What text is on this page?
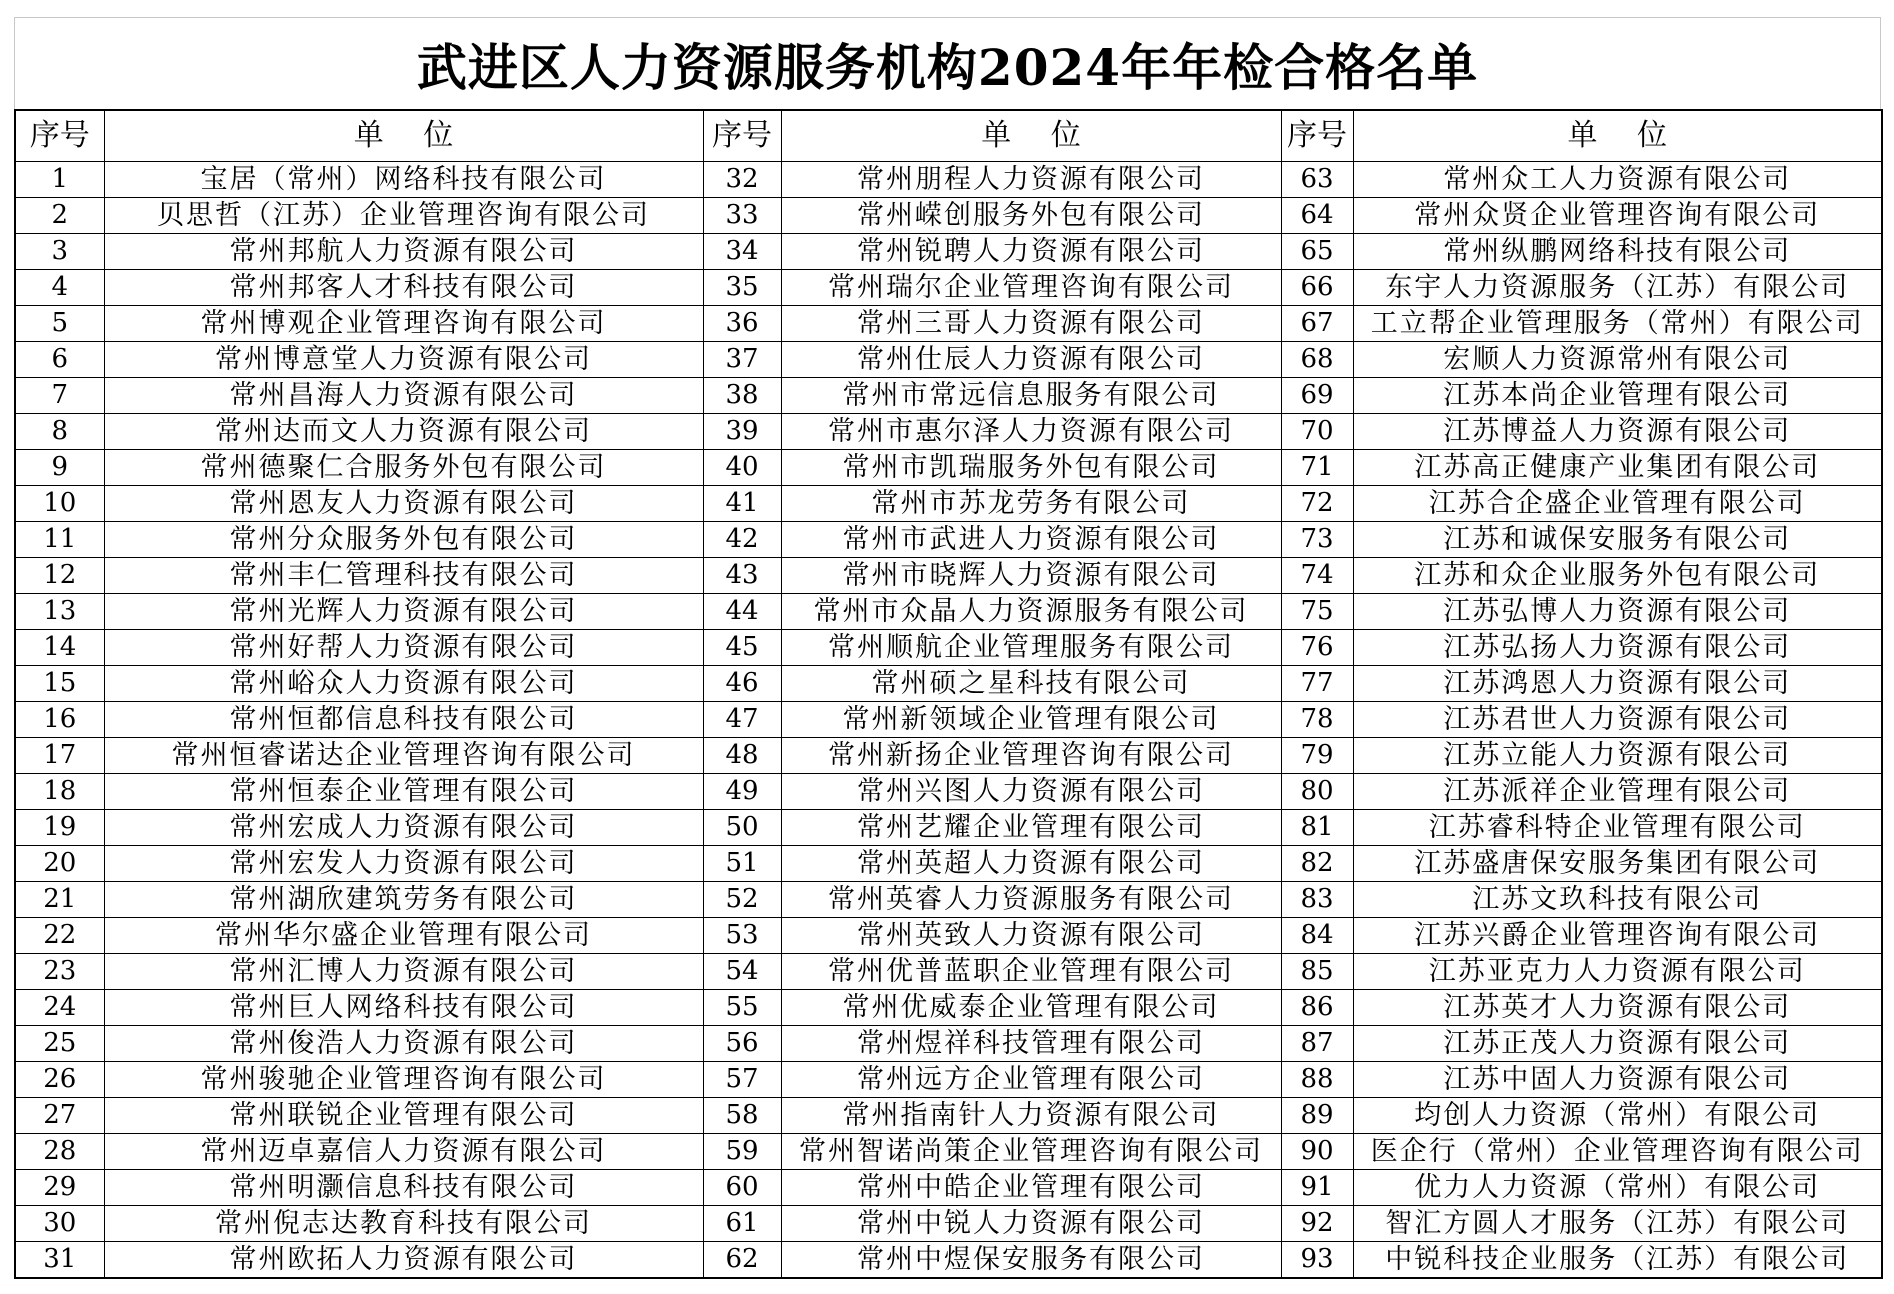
武进区人力资源服务机构2024年年检合格名单
序号	单 位	序号	单 位	序号	单 位
1	宝居（常州）网络科技有限公司	32	常州朋程人力资源有限公司	63	常州众工人力资源有限公司
2	贝思哲（江苏）企业管理咨询有限公司	33	常州嵘创服务外包有限公司	64	常州众贤企业管理咨询有限公司
3	常州邦航人力资源有限公司	34	常州锐聘人力资源有限公司	65	常州纵鹏网络科技有限公司
4	常州邦客人才科技有限公司	35	常州瑞尔企业管理咨询有限公司	66	东宇人力资源服务（江苏）有限公司
5	常州博观企业管理咨询有限公司	36	常州三哥人力资源有限公司	67	工立帮企业管理服务（常州）有限公司
6	常州博意堂人力资源有限公司	37	常州仕辰人力资源有限公司	68	宏顺人力资源常州有限公司
7	常州昌海人力资源有限公司	38	常州市常远信息服务有限公司	69	江苏本尚企业管理有限公司
8	常州达而文人力资源有限公司	39	常州市惠尔泽人力资源有限公司	70	江苏博益人力资源有限公司
9	常州德聚仁合服务外包有限公司	40	常州市凯瑞服务外包有限公司	71	江苏高正健康产业集团有限公司
10	常州恩友人力资源有限公司	41	常州市苏龙劳务有限公司	72	江苏合企盛企业管理有限公司
11	常州分众服务外包有限公司	42	常州市武进人力资源有限公司	73	江苏和诚保安服务有限公司
12	常州丰仁管理科技有限公司	43	常州市晓辉人力资源有限公司	74	江苏和众企业服务外包有限公司
13	常州光辉人力资源有限公司	44	常州市众晶人力资源服务有限公司	75	江苏弘博人力资源有限公司
14	常州好帮人力资源有限公司	45	常州顺航企业管理服务有限公司	76	江苏弘扬人力资源有限公司
15	常州峪众人力资源有限公司	46	常州硕之星科技有限公司	77	江苏鸿恩人力资源有限公司
16	常州恒都信息科技有限公司	47	常州新领域企业管理有限公司	78	江苏君世人力资源有限公司
17	常州恒睿诺达企业管理咨询有限公司	48	常州新扬企业管理咨询有限公司	79	江苏立能人力资源有限公司
18	常州恒泰企业管理有限公司	49	常州兴图人力资源有限公司	80	江苏派祥企业管理有限公司
19	常州宏成人力资源有限公司	50	常州艺耀企业管理有限公司	81	江苏睿科特企业管理有限公司
20	常州宏发人力资源有限公司	51	常州英超人力资源有限公司	82	江苏盛唐保安服务集团有限公司
21	常州湖欣建筑劳务有限公司	52	常州英睿人力资源服务有限公司	83	江苏文玖科技有限公司
22	常州华尔盛企业管理有限公司	53	常州英致人力资源有限公司	84	江苏兴爵企业管理咨询有限公司
23	常州汇博人力资源有限公司	54	常州优普蓝职企业管理有限公司	85	江苏亚克力人力资源有限公司
24	常州巨人网络科技有限公司	55	常州优威泰企业管理有限公司	86	江苏英才人力资源有限公司
25	常州俊浩人力资源有限公司	56	常州煜祥科技管理有限公司	87	江苏正茂人力资源有限公司
26	常州骏驰企业管理咨询有限公司	57	常州远方企业管理有限公司	88	江苏中固人力资源有限公司
27	常州联锐企业管理有限公司	58	常州指南针人力资源有限公司	89	均创人力资源（常州）有限公司
28	常州迈卓嘉信人力资源有限公司	59	常州智诺尚策企业管理咨询有限公司	90	医企行（常州）企业管理咨询有限公司
29	常州明灏信息科技有限公司	60	常州中皓企业管理有限公司	91	优力人力资源（常州）有限公司
30	常州倪志达教育科技有限公司	61	常州中锐人力资源有限公司	92	智汇方圆人才服务（江苏）有限公司
31	常州欧拓人力资源有限公司	62	常州中煜保安服务有限公司	93	中锐科技企业服务（江苏）有限公司
